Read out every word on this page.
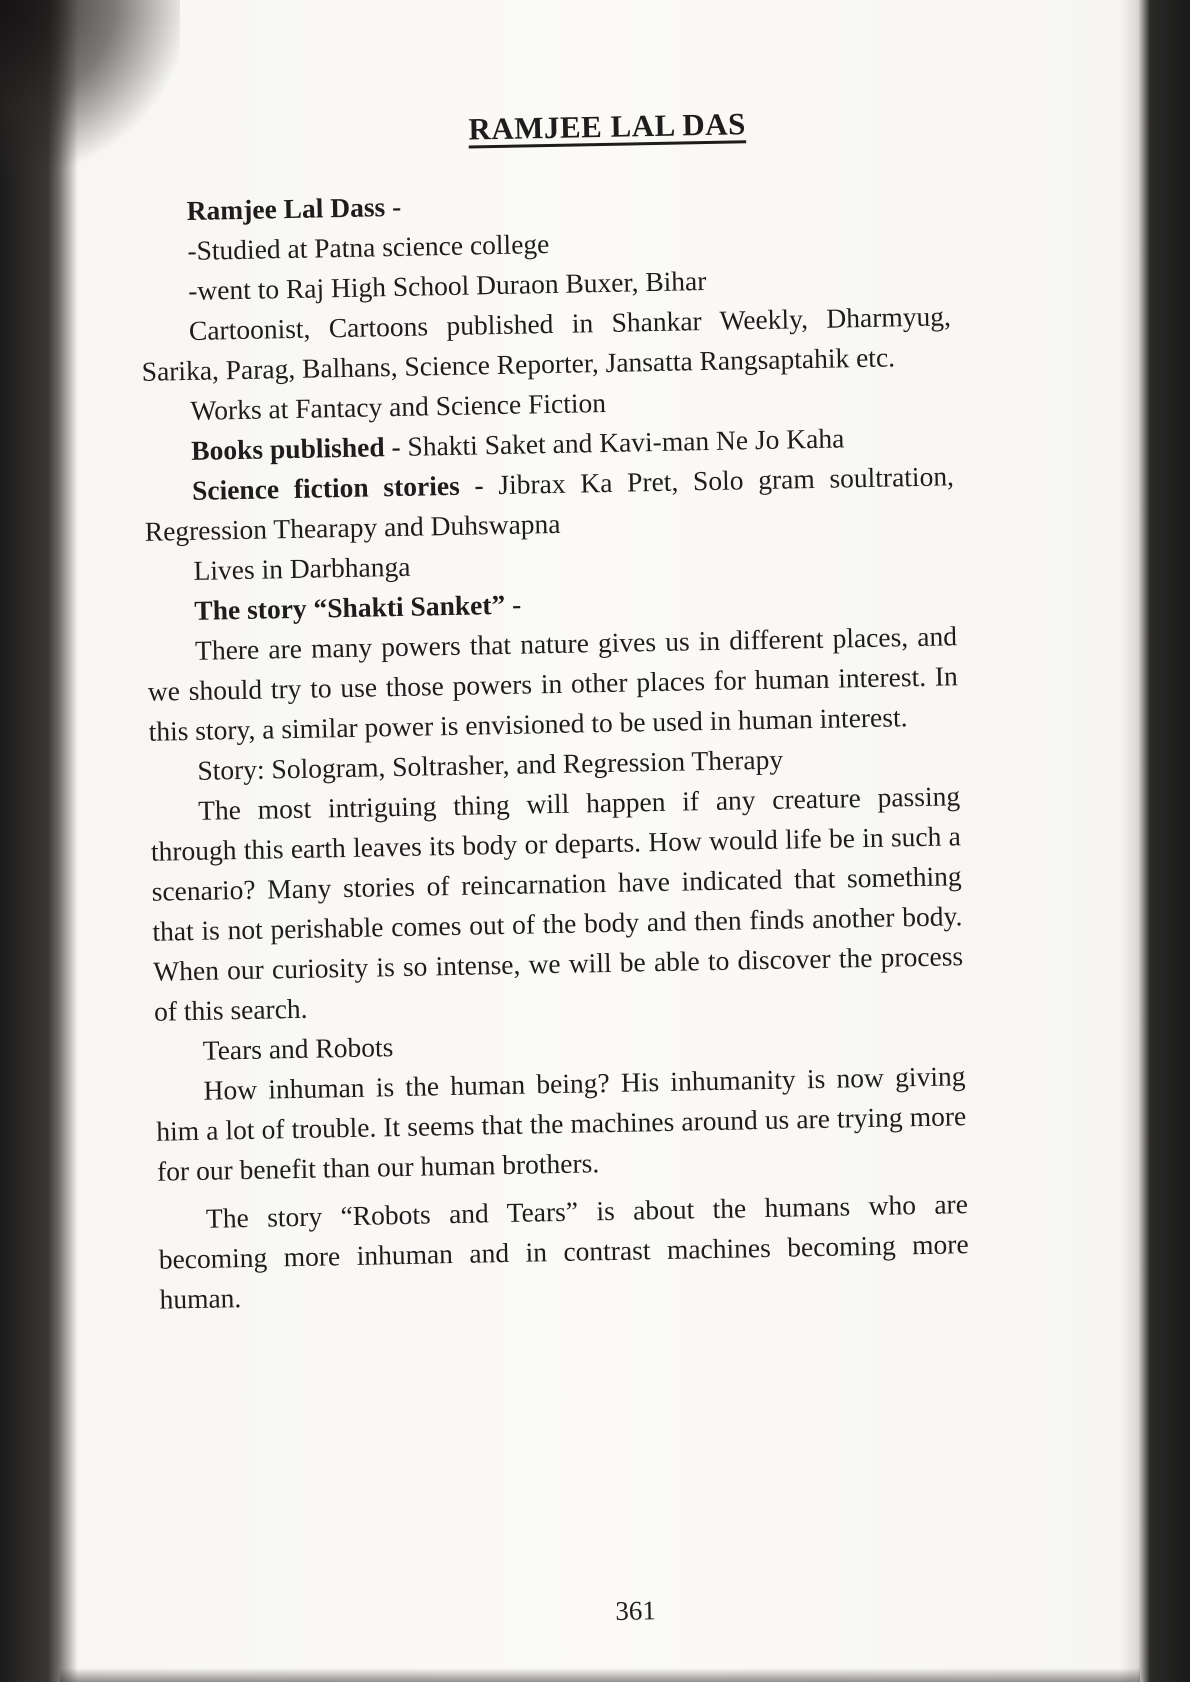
RAMJEE LAL DAS

Ramjee Lal Dass -

-Studied at Patna science college

-went to Raj High School Duraon Buxer, Bihar

Cartoonist, Cartoons published in Shankar Weekly, Dharmyug, Sarika, Parag, Balhans, Science Reporter, Jansatta Rangsaptahik etc.

Works at Fantacy and Science Fiction

Books published - Shakti Saket and Kavi-man Ne Jo Kaha

Science fiction stories - Jibrax Ka Pret, Solo gram soultration, Regression Thearapy and Duhswapna

Lives in Darbhanga

The story “Shakti Sanket” -

There are many powers that nature gives us in different places, and we should try to use those powers in other places for human interest. In this story, a similar power is envisioned to be used in human interest.

Story: Sologram, Soltrasher, and Regression Therapy

The most intriguing thing will happen if any creature passing through this earth leaves its body or departs. How would life be in such a scenario? Many stories of reincarnation have indicated that something that is not perishable comes out of the body and then finds another body. When our curiosity is so intense, we will be able to discover the process of this search.

Tears and Robots

How inhuman is the human being? His inhumanity is now giving him a lot of trouble. It seems that the machines around us are trying more for our benefit than our human brothers.

The story “Robots and Tears” is about the humans who are becoming more inhuman and in contrast machines becoming more human.

361
